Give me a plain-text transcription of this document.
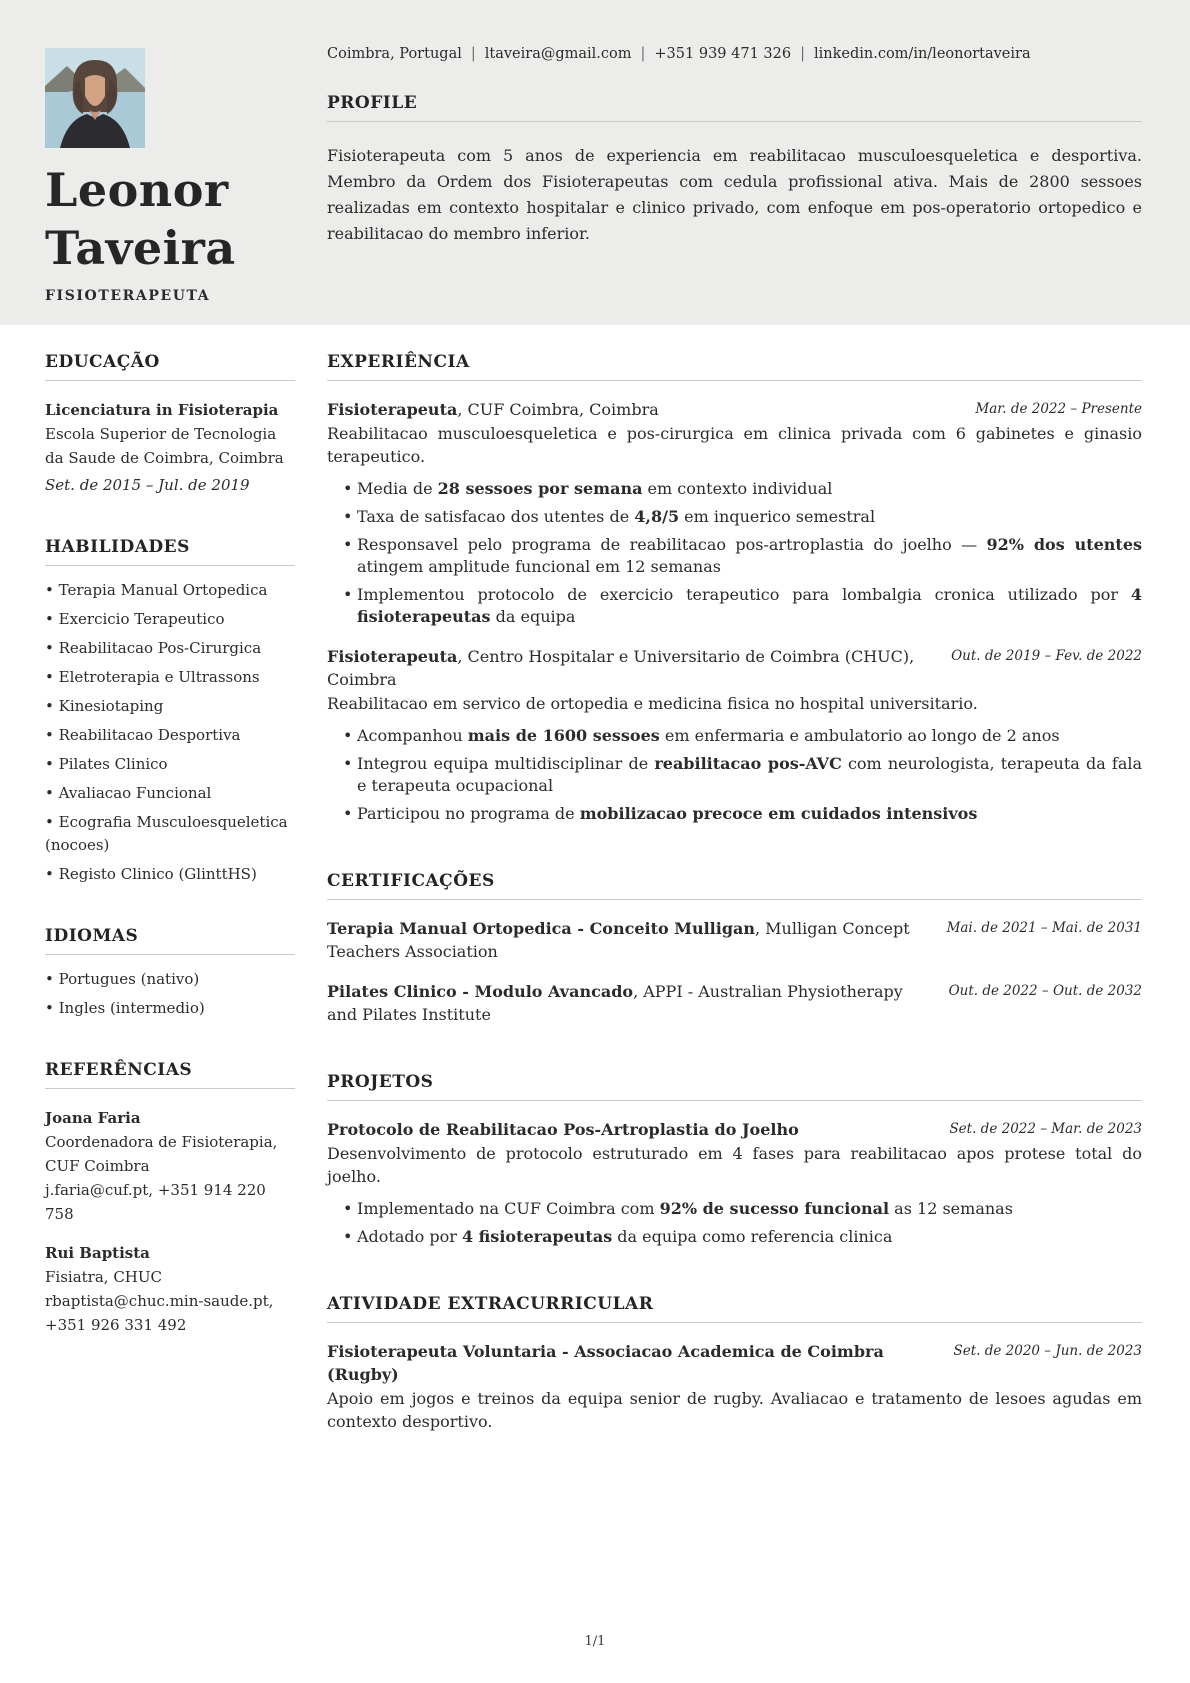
Leonor Taveira
FISIOTERAPEUTA
Coimbra, Portugal | ltaveira@gmail.com | +351 939 471 326 | linkedin.com/in/leonortaveira
PROFILE
Fisioterapeuta com 5 anos de experiencia em reabilitacao musculoesqueletica e desportiva. Membro da Ordem dos Fisioterapeutas com cedula profissional ativa. Mais de 2800 sessoes realizadas em contexto hospitalar e clinico privado, com enfoque em pos-operatorio ortopedico e reabilitacao do membro inferior.
EDUCAÇÃO
Licenciatura in Fisioterapia
Escola Superior de Tecnologia da Saude de Coimbra, Coimbra
Set. de 2015 – Jul. de 2019
HABILIDADES
• Terapia Manual Ortopedica
• Exercicio Terapeutico
• Reabilitacao Pos-Cirurgica
• Eletroterapia e Ultrassons
• Kinesiotaping
• Reabilitacao Desportiva
• Pilates Clinico
• Avaliacao Funcional
• Ecografia Musculoesqueletica (nocoes)
• Registo Clinico (GlinttHS)
IDIOMAS
• Portugues (nativo)
• Ingles (intermedio)
REFERÊNCIAS
Joana Faria
Coordenadora de Fisioterapia, CUF Coimbra
j.faria@cuf.pt, +351 914 220 758
Rui Baptista
Fisiatra, CHUC
rbaptista@chuc.min-saude.pt, +351 926 331 492
EXPERIÊNCIA
Fisioterapeuta, CUF Coimbra, Coimbra	Mar. de 2022 – Presente
Reabilitacao musculoesqueletica e pos-cirurgica em clinica privada com 6 gabinetes e ginasio terapeutico.
• Media de 28 sessoes por semana em contexto individual
• Taxa de satisfacao dos utentes de 4,8/5 em inquerico semestral
• Responsavel pelo programa de reabilitacao pos-artroplastia do joelho — 92% dos utentes atingem amplitude funcional em 12 semanas
• Implementou protocolo de exercicio terapeutico para lombalgia cronica utilizado por 4 fisioterapeutas da equipa
Fisioterapeuta, Centro Hospitalar e Universitario de Coimbra (CHUC), Coimbra
Out. de 2019 – Fev. de 2022
Reabilitacao em servico de ortopedia e medicina fisica no hospital universitario.
• Acompanhou mais de 1600 sessoes em enfermaria e ambulatorio ao longo de 2 anos
• Integrou equipa multidisciplinar de reabilitacao pos-AVC com neurologista, terapeuta da fala e terapeuta ocupacional
• Participou no programa de mobilizacao precoce em cuidados intensivos
CERTIFICAÇÕES
Terapia Manual Ortopedica - Conceito Mulligan, Mulligan Concept Teachers Association
Mai. de 2021 – Mai. de 2031
Pilates Clinico - Modulo Avancado, APPI - Australian Physiotherapy and Pilates Institute
Out. de 2022 – Out. de 2032
PROJETOS
Protocolo de Reabilitacao Pos-Artroplastia do Joelho	Set. de 2022 – Mar. de 2023
Desenvolvimento de protocolo estruturado em 4 fases para reabilitacao apos protese total do joelho.
• Implementado na CUF Coimbra com 92% de sucesso funcional as 12 semanas
• Adotado por 4 fisioterapeutas da equipa como referencia clinica
ATIVIDADE EXTRACURRICULAR
Fisioterapeuta Voluntaria - Associacao Academica de Coimbra (Rugby)
Set. de 2020 – Jun. de 2023
Apoio em jogos e treinos da equipa senior de rugby. Avaliacao e tratamento de lesoes agudas em contexto desportivo.
1/1
